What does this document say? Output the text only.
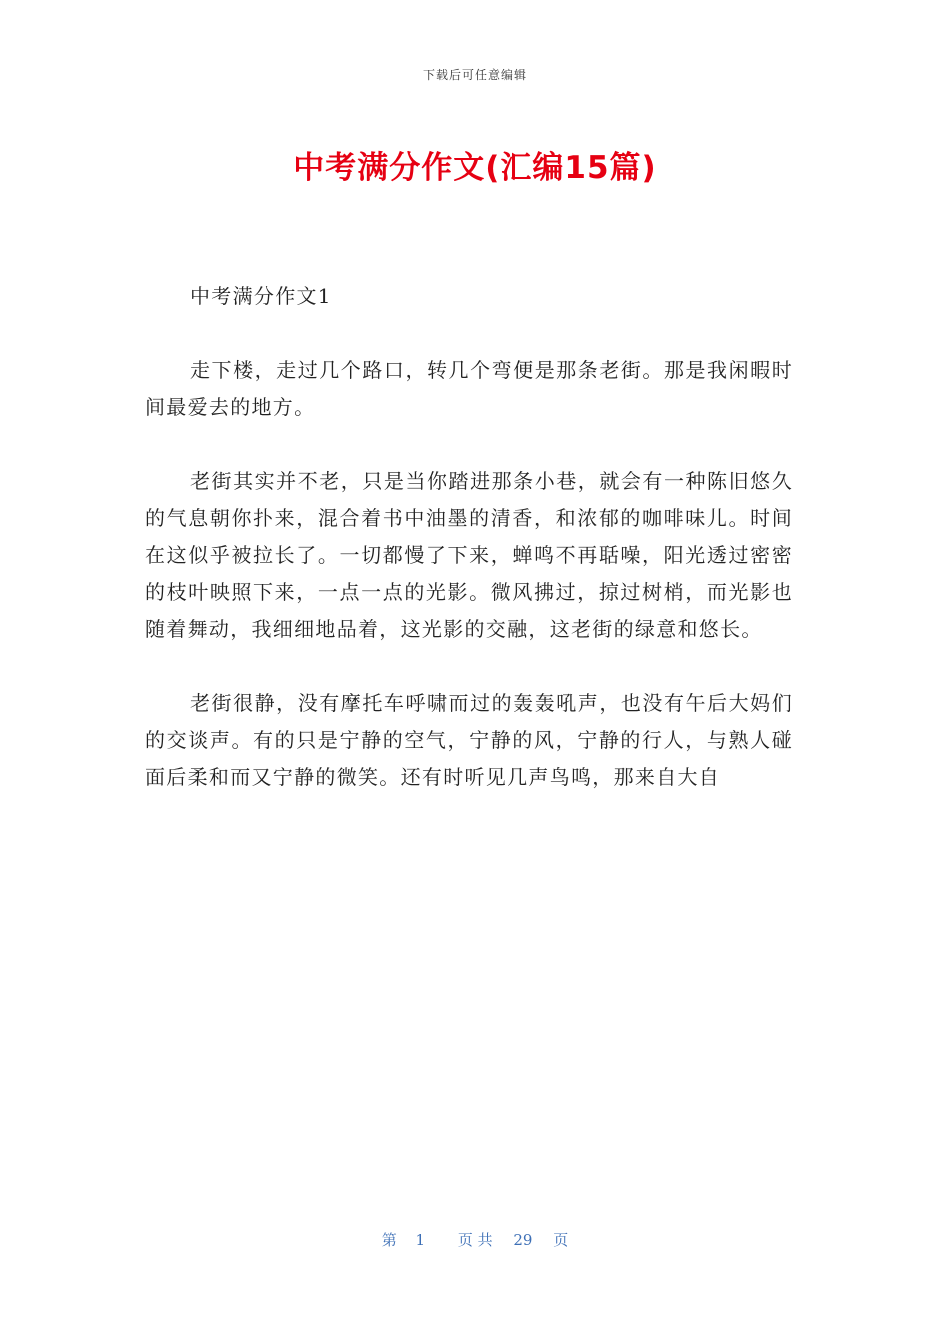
下载后可任意编辑
中考满分作文(汇编15篇)

中考满分作文1

走下楼，走过几个路口，转几个弯便是那条老街。那是我闲暇时间最爱去的地方。

老街其实并不老，只是当你踏进那条小巷，就会有一种陈旧悠久的气息朝你扑来，混合着书中油墨的清香，和浓郁的咖啡味儿。时间在这似乎被拉长了。一切都慢了下来，蝉鸣不再聒噪，阳光透过密密的枝叶映照下来，一点一点的光影。微风拂过，掠过树梢，而光影也随着舞动，我细细地品着，这光影的交融，这老街的绿意和悠长。

老街很静，没有摩托车呼啸而过的轰轰吼声，也没有午后大妈们的交谈声。有的只是宁静的空气，宁静的风，宁静的行人，与熟人碰面后柔和而又宁静的微笑。还有时听见几声鸟鸣，那来自大自

第 1 页 共 29 页
